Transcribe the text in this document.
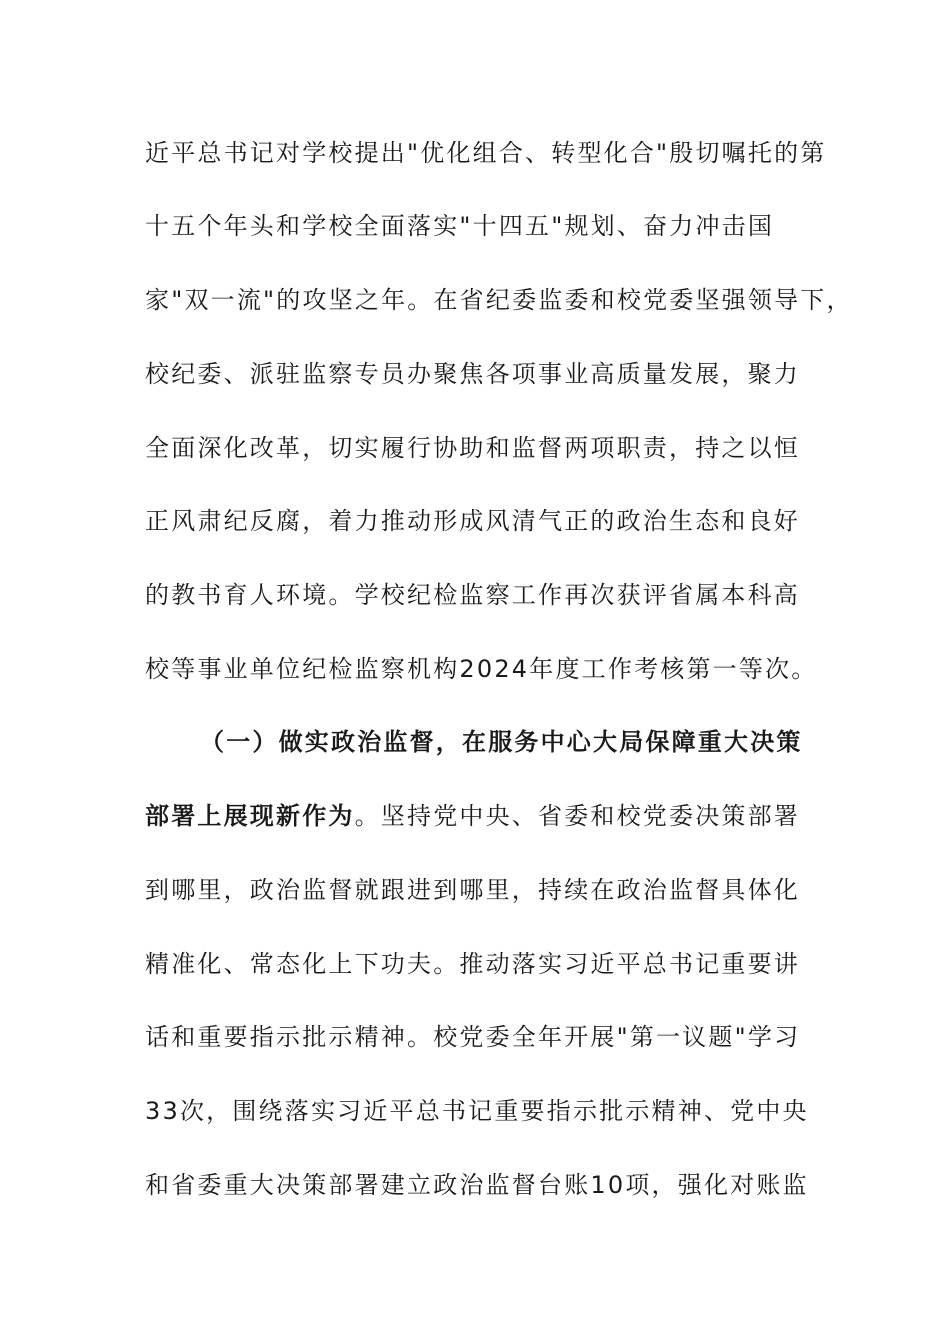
近平总书记对学校提出"优化组合、转型化合"殷切嘱托的第
十五个年头和学校全面落实"十四五"规划、奋力冲击国
家"双一流"的攻坚之年。在省纪委监委和校党委坚强领导下，
校纪委、派驻监察专员办聚焦各项事业高质量发展，聚力
全面深化改革，切实履行协助和监督两项职责，持之以恒
正风肃纪反腐，着力推动形成风清气正的政治生态和良好
的教书育人环境。学校纪检监察工作再次获评省属本科高
校等事业单位纪检监察机构2024年度工作考核第一等次。
（一）做实政治监督，在服务中心大局保障重大决策
部署上展现新作为。坚持党中央、省委和校党委决策部署
到哪里，政治监督就跟进到哪里，持续在政治监督具体化
精准化、常态化上下功夫。推动落实习近平总书记重要讲
话和重要指示批示精神。校党委全年开展"第一议题"学习
33次，围绕落实习近平总书记重要指示批示精神、党中央
和省委重大决策部署建立政治监督台账10项，强化对账监
